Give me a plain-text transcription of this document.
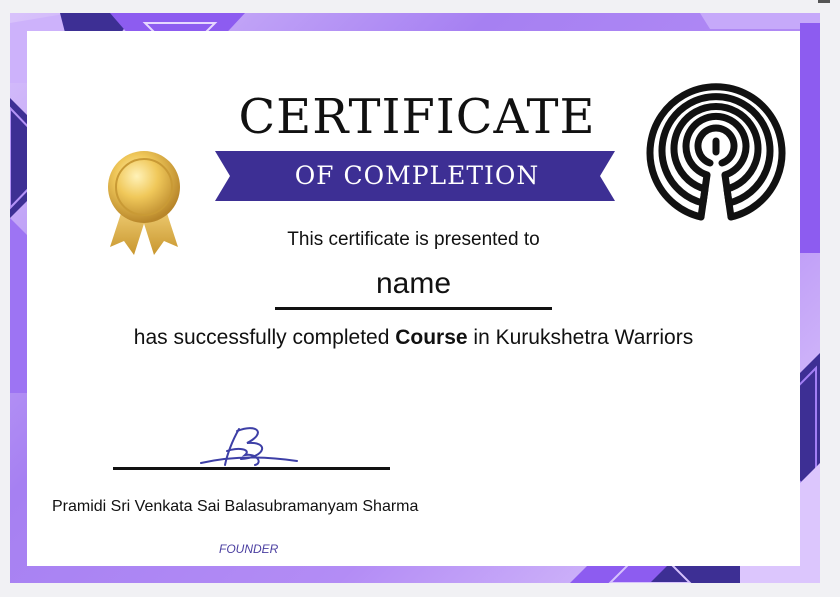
CERTIFICATE
OF COMPLETION
This certificate is presented to
name
has successfully completed Course in Kurukshetra Warriors
Pramidi Sri Venkata Sai Balasubramanyam Sharma
FOUNDER
